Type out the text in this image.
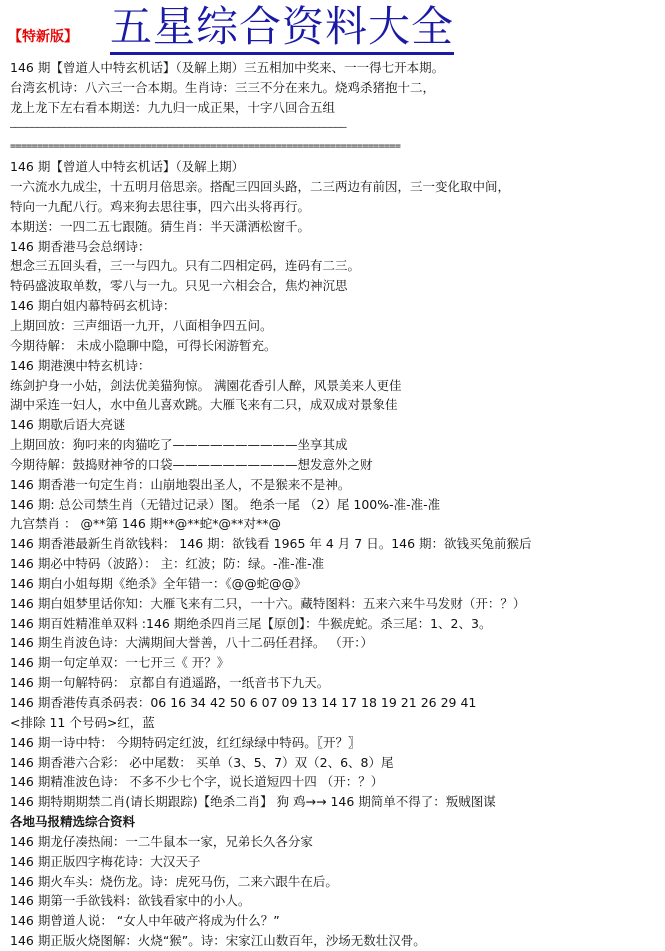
【特新版】 五星综合资料大全
146 期【曾道人中特玄机话】（及解上期）三五相加中奖来、一一得七开本期。
台湾玄机诗：八六三一合本期。生肖诗：三三不分在来九。烧鸡杀猪抱十二，
龙上龙下左右看本期送：九九归一成正果，十字八回合五组
——————————————————————————————————————————————————————————————
========================================================================
146 期【曾道人中特玄机话】（及解上期）
一六流水九成尘，十五明月倍思亲。搭配三四回头路，二三两边有前因，三一变化取中间，
特向一九配八行。鸡来狗去思往事，四六出头将再行。
本期送：一四二五七跟随。猜生肖：半天潇洒松窗千。
146 期香港马会总纲诗：
想念三五回头看，三一与四九。只有二四相定码，连码有二三。
特码盛波取单数，零八与一九。只见一六相会合，焦灼神沉思
146 期白姐内幕特码玄机诗：
上期回放：三声细语一九开，八面相争四五问。
今期待解： 未成小隐聊中隐，可得长闲游暂充。
146 期港澳中特玄机诗：
练剑护身一小姑，剑法优美猫狗惊。 满園花香引人醉，风景美来人更佳
湖中采连一妇人，水中鱼儿喜欢跳。大雁飞来有二只，成双成对景象佳
146 期歇后语大亮谜
上期回放：狗叼来的肉猫吃了——————————坐享其成
今期待解：鼓捣财神爷的口袋——————————想发意外之财
146 期香港一句定生肖：山崩地裂出圣人，不是猴来不是神。
146 期: 总公司禁生肖（无错过记录）图。 绝杀一尾 （2）尾 100%-准-准-准
九宫禁肖 ： @**第 146 期**@**蛇*@**对**@
146 期香港最新生肖欲钱料： 146 期：欲钱看 1965 年 4 月 7 日。146 期：欲钱买兔前猴后
146 期必中特码（波路）： 主：红波；防：绿。-准-准-准
146 期白小姐每期《绝杀》全年错一：《@@蛇@@》
146 期白姐梦里话你知：大雁飞来有二只，一十六。藏特图料：五来六来牛马发财（开：？）
146 期百姓精准单双料 :146 期绝杀四肖三尾【原创】：牛猴虎蛇。杀三尾：1、2、3。
146 期生肖波色诗：大满期间大誉善，八十二码任君择。 （开：）
146 期一句定单双：一七开三《 开？》
146 期一句解特码： 京都自有逍遥路，一纸音书下九天。
146 期香港传真杀码表：06 16 34 42 50 6 07 09 13 14 17 18 19 21 26 29 41
<排除 11 个号码>红，蓝
146 期一诗中特： 今期特码定红波，红红绿绿中特码。〖开？〗
146 期香港六合彩： 必中尾数： 买单（3、5、7）双（2、6、8）尾
146 期精准波色诗： 不多不少七个字，说长道短四十四 （开：？）
146 期特期期禁二肖(请长期跟踪)【绝杀二肖】 狗 鸡→→ 146 期简单不得了：叛贼图谋
各地马报精选综合资料
146 期龙仔凑热闹：一二牛鼠本一家，兄弟长久各分家
146 期正版四字梅花诗：大汉天子
146 期火车头：烧伤龙。诗：虎死马伤，二来六跟牛在后。
146 期第一手欲钱料：欲钱看家中的小人。
146 期曾道人说： “女人中年破产将成为什么？”
146 期正版火烧图解：火烧“猴”。诗：宋家江山数百年，沙场无数壮汉骨。
